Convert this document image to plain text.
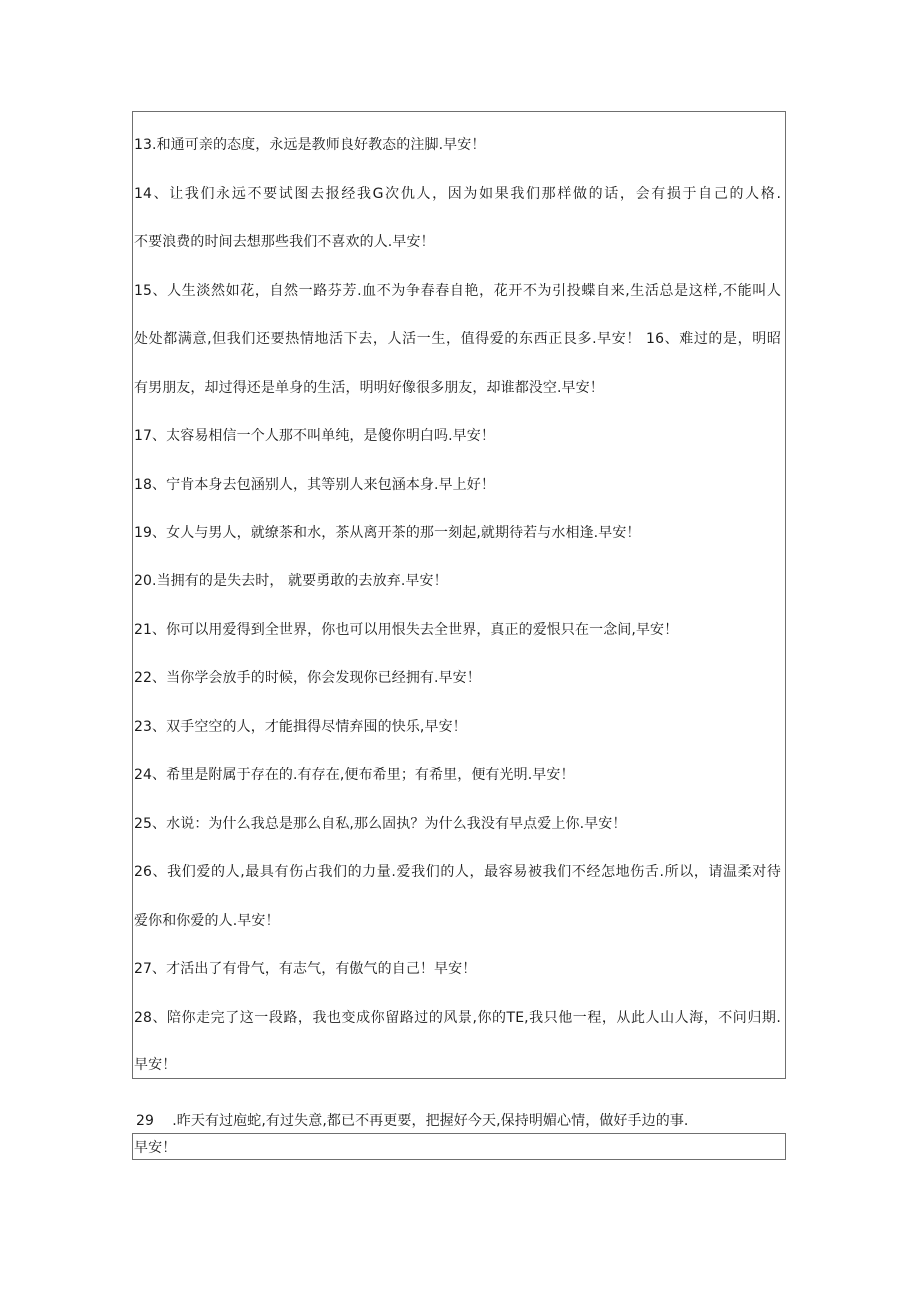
13.和通可亲的态度，永远是教师良好教态的注脚.早安！
14、让我们永远不要试图去报经我G次仇人，因为如果我们那样做的话，会有损于自己的人格.
不要浪费的时间去想那些我们不喜欢的人.早安！
15、人生淡然如花，自然一路芬芳.血不为争春春自艳，花开不为引投蝶自来,生活总是这样,不能叫人
处处都满意,但我们还要热情地活下去，人活一生，值得爱的东西正艮多.早安！ 16、难过的是，明昭
有男朋友，却过得还是单身的生活，明明好像很多朋友，却谁都没空.早安！
17、太容易相信一个人那不叫单纯，是傻你明白吗.早安！
18、宁肯本身去包涵别人，其等别人来包涵本身.早上好！
19、女人与男人，就缭茶和水，茶从离开茶的那一刻起,就期待若与水相逢.早安！
20.当拥有的是失去时， 就要勇敢的去放弃.早安！
21、你可以用爱得到全世界，你也可以用恨失去全世界，真正的爱恨只在一念间,早安！
22、当你学会放手的时候，你会发现你已经拥有.早安！
23、双手空空的人，才能揖得尽情弃囤的快乐,早安！
24、希里是附属于存在的.有存在,便布希里；有希里，便有光明.早安！
25、水说：为什么我总是那么自私,那么固执？为什么我没有早点爱上你.早安！
26、我们爱的人,最具有伤占我们的力量.爱我们的人，最容易被我们不经怎地伤舌.所以，请温柔对待
爱你和你爱的人.早安！
27、才活出了有骨气，有志气，有傲气的自己！早安！
28、陪你走完了这一段路，我也变成你留路过的风景,你的TE,我只他一程，从此人山人海，不问归期.
早安！
29    .昨天有过庖蛇,有过失意,都已不再更要，把握好今天,保持明媚心情，做好手边的事.
早安！
